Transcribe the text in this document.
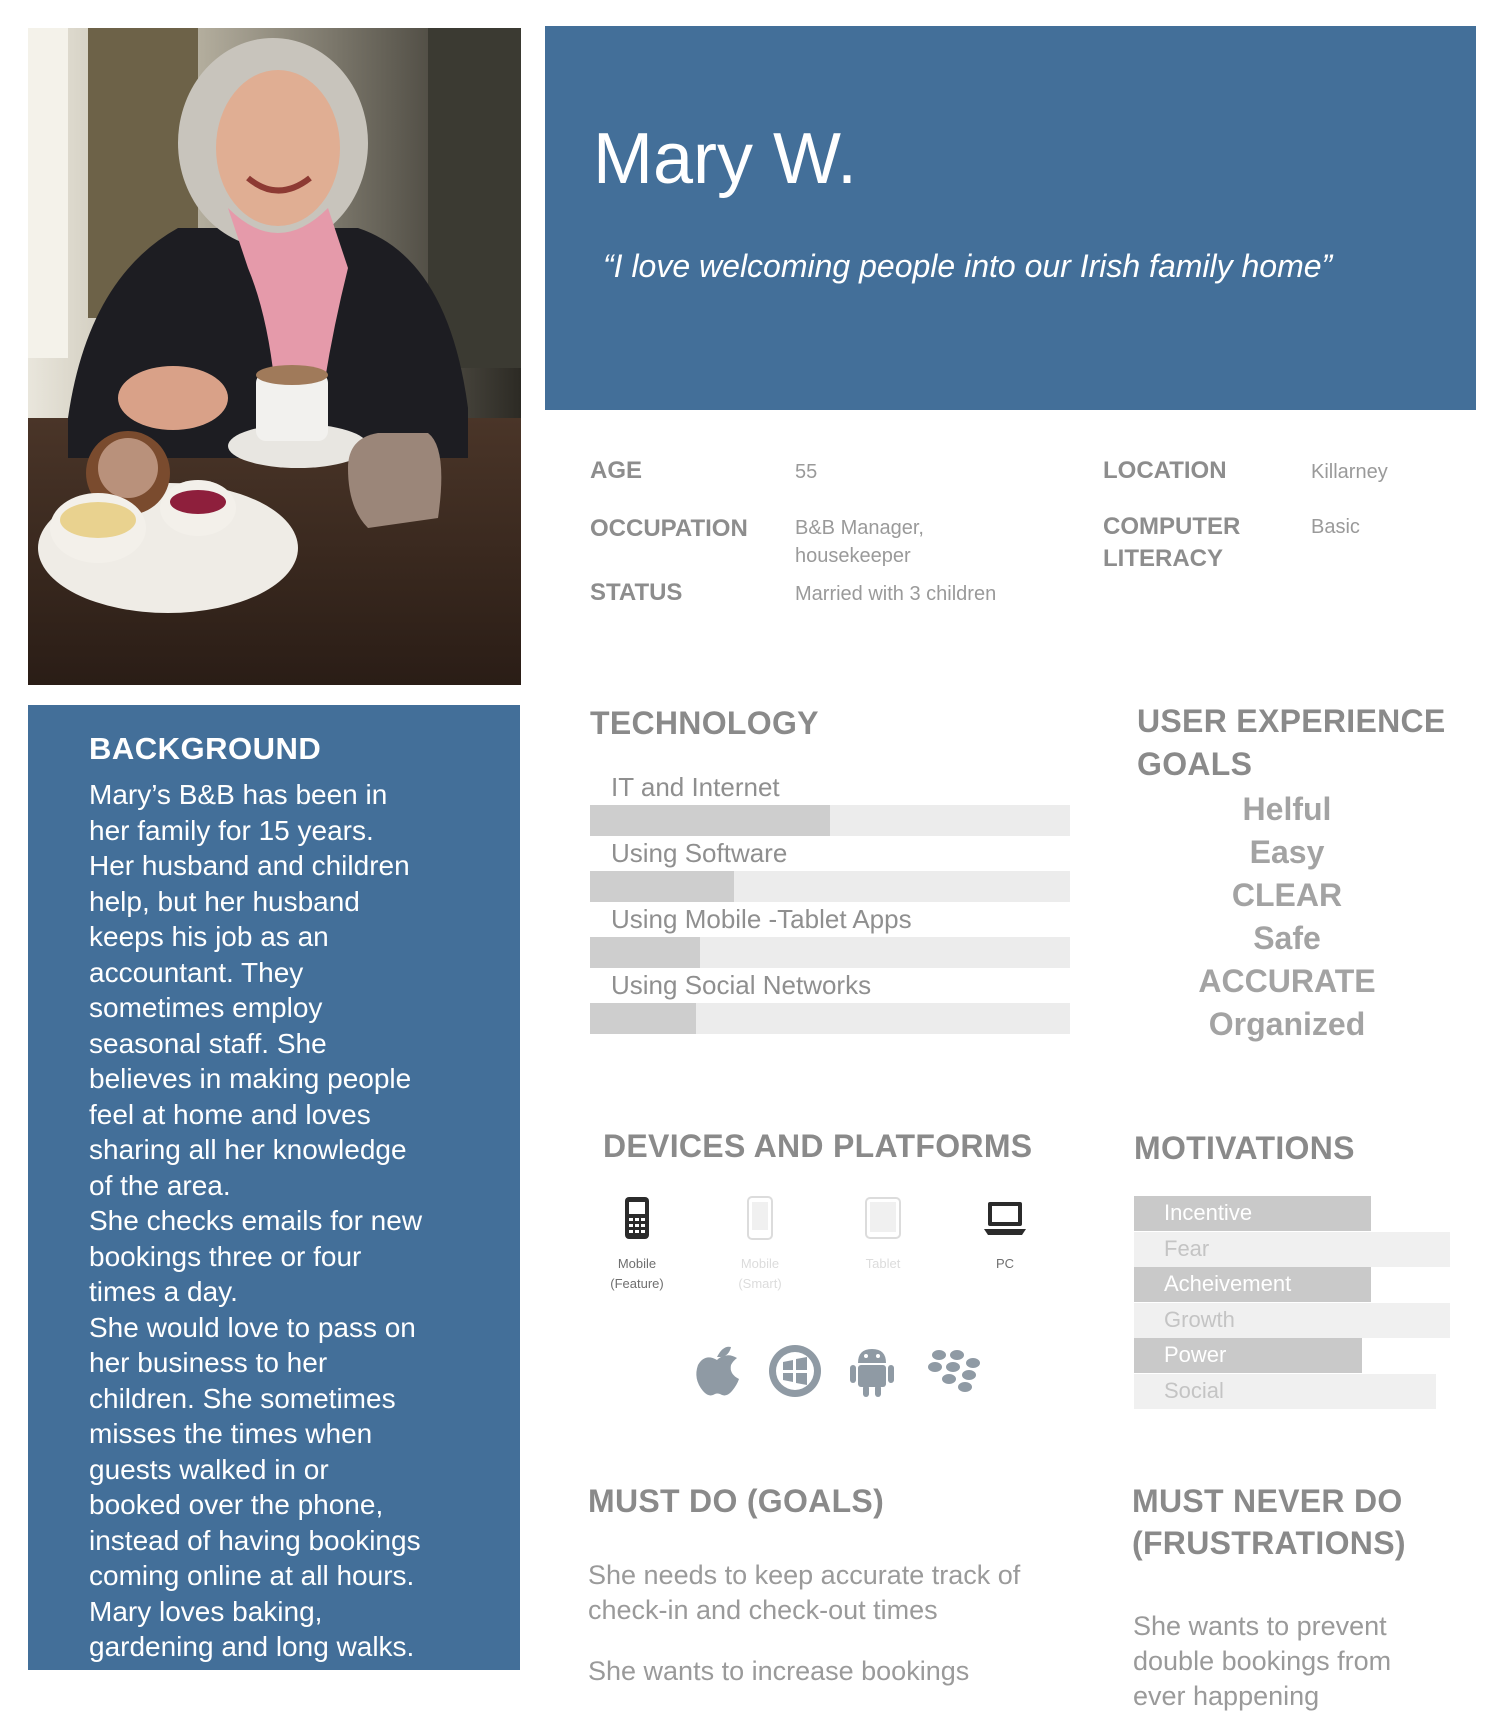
BACKGROUND

Mary’s B&B has been in

her family for 15 years.

Her husband and children

help, but her husband

keeps his job as an

accountant. They

sometimes employ

seasonal staff. She

believes in making people

feel at home and loves

sharing all her knowledge

of the area.

She checks emails for new

bookings three or four

times a day.

She would love to pass on

her business to her

children. She sometimes

misses the times when

guests walked in or

booked over the phone,

instead of having bookings

coming online at all hours.

Mary loves baking,

gardening and long walks.

Mary W.
“I love welcoming people into our Irish family home”
AGE	55
OCCUPATION B&B Manager,
housekeeper
STATUS	Married with 3 children
LOCATION	Killarney
COMPUTER
LITERACY
Basic
TECHNOLOGY
IT and Internet
Using Software
Using Mobile -Tablet Apps
Using Social Networks
USER EXPERIENCE
GOALS
Helful
Easy
CLEAR
Safe
ACCURATE
Organized
DEVICES AND PLATFORMS
Mobile
(Feature)
Mobile
(Smart)
Tablet	PC
MOTIVATIONS
Incentive
Fear
Acheivement
Growth
Power
Social
MUST DO (GOALS)
She needs to keep accurate track of
check-in and check-out times
She wants to increase bookings
MUST NEVER DO
(FRUSTRATIONS)
She wants to prevent
double bookings from
ever happening
